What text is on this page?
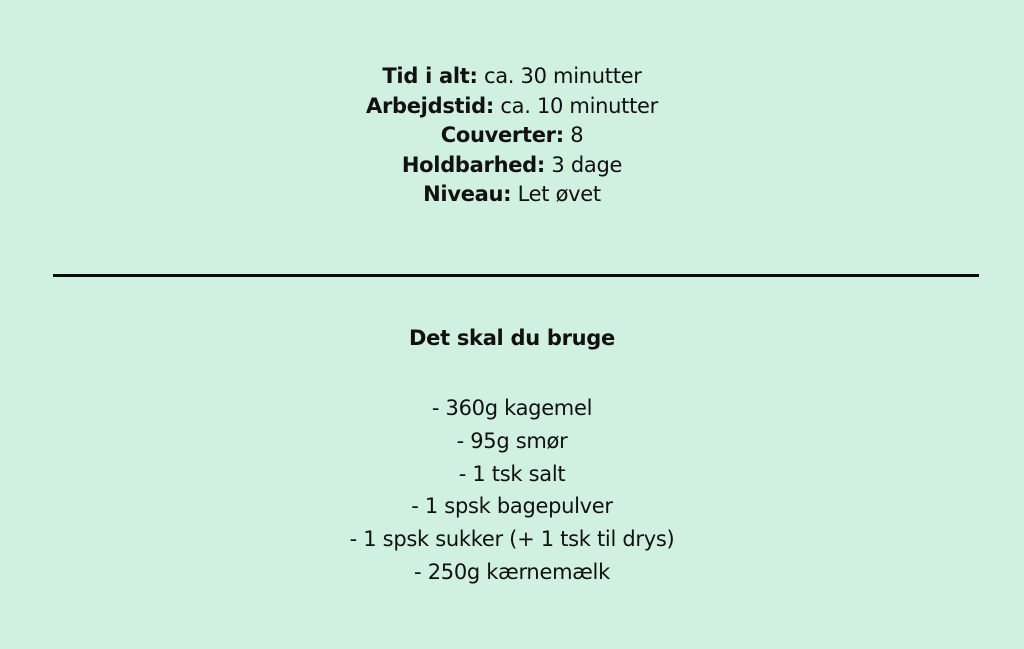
Tid i alt: ca. 30 minutter
Arbejdstid: ca. 10 minutter
Couverter: 8
Holdbarhed: 3 dage
Niveau: Let øvet
Det skal du bruge
- 360g kagemel
- 95g smør
- 1 tsk salt
- 1 spsk bagepulver
- 1 spsk sukker (+ 1 tsk til drys)
- 250g kærnemælk
